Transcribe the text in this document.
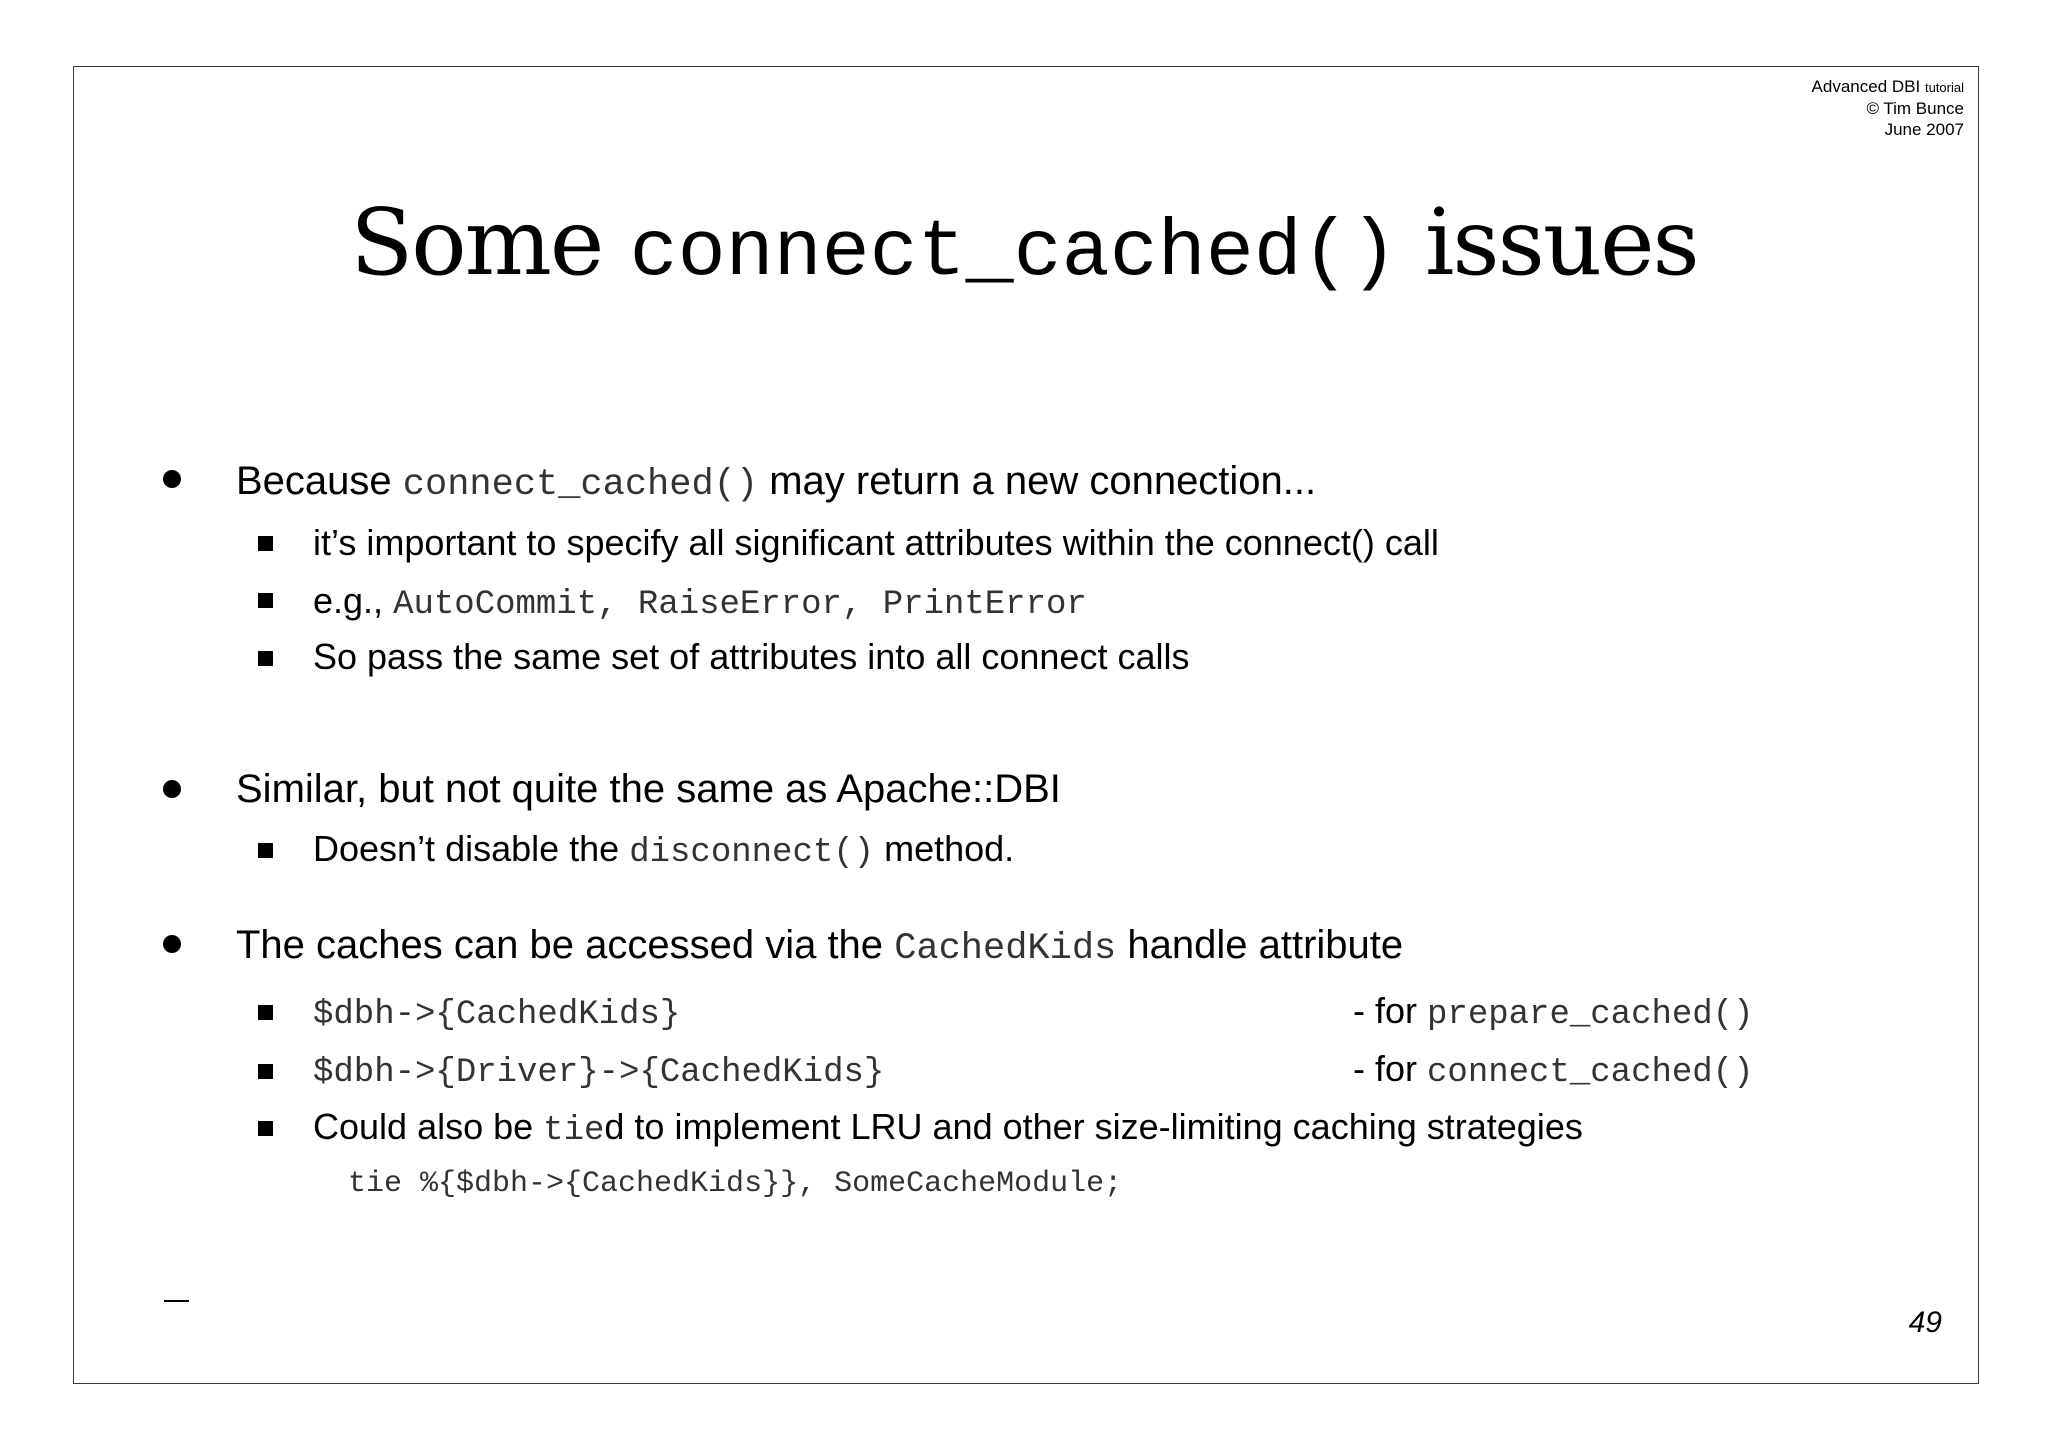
Advanced DBI tutorial
© Tim Bunce
June 2007
Some connect_cached() issues
Because connect_cached() may return a new connection...
it’s important to specify all significant attributes within the connect() call
e.g., AutoCommit, RaiseError, PrintError
So pass the same set of attributes into all connect calls
Similar, but not quite the same as Apache::DBI
Doesn’t disable the disconnect() method.
The caches can be accessed via the CachedKids handle attribute
$dbh->{CachedKids}	- for prepare_cached()
$dbh->{Driver}->{CachedKids}	- for connect_cached()
Could also be tied to implement LRU and other size-limiting caching strategies
tie %{$dbh->{CachedKids}}, SomeCacheModule;
49
